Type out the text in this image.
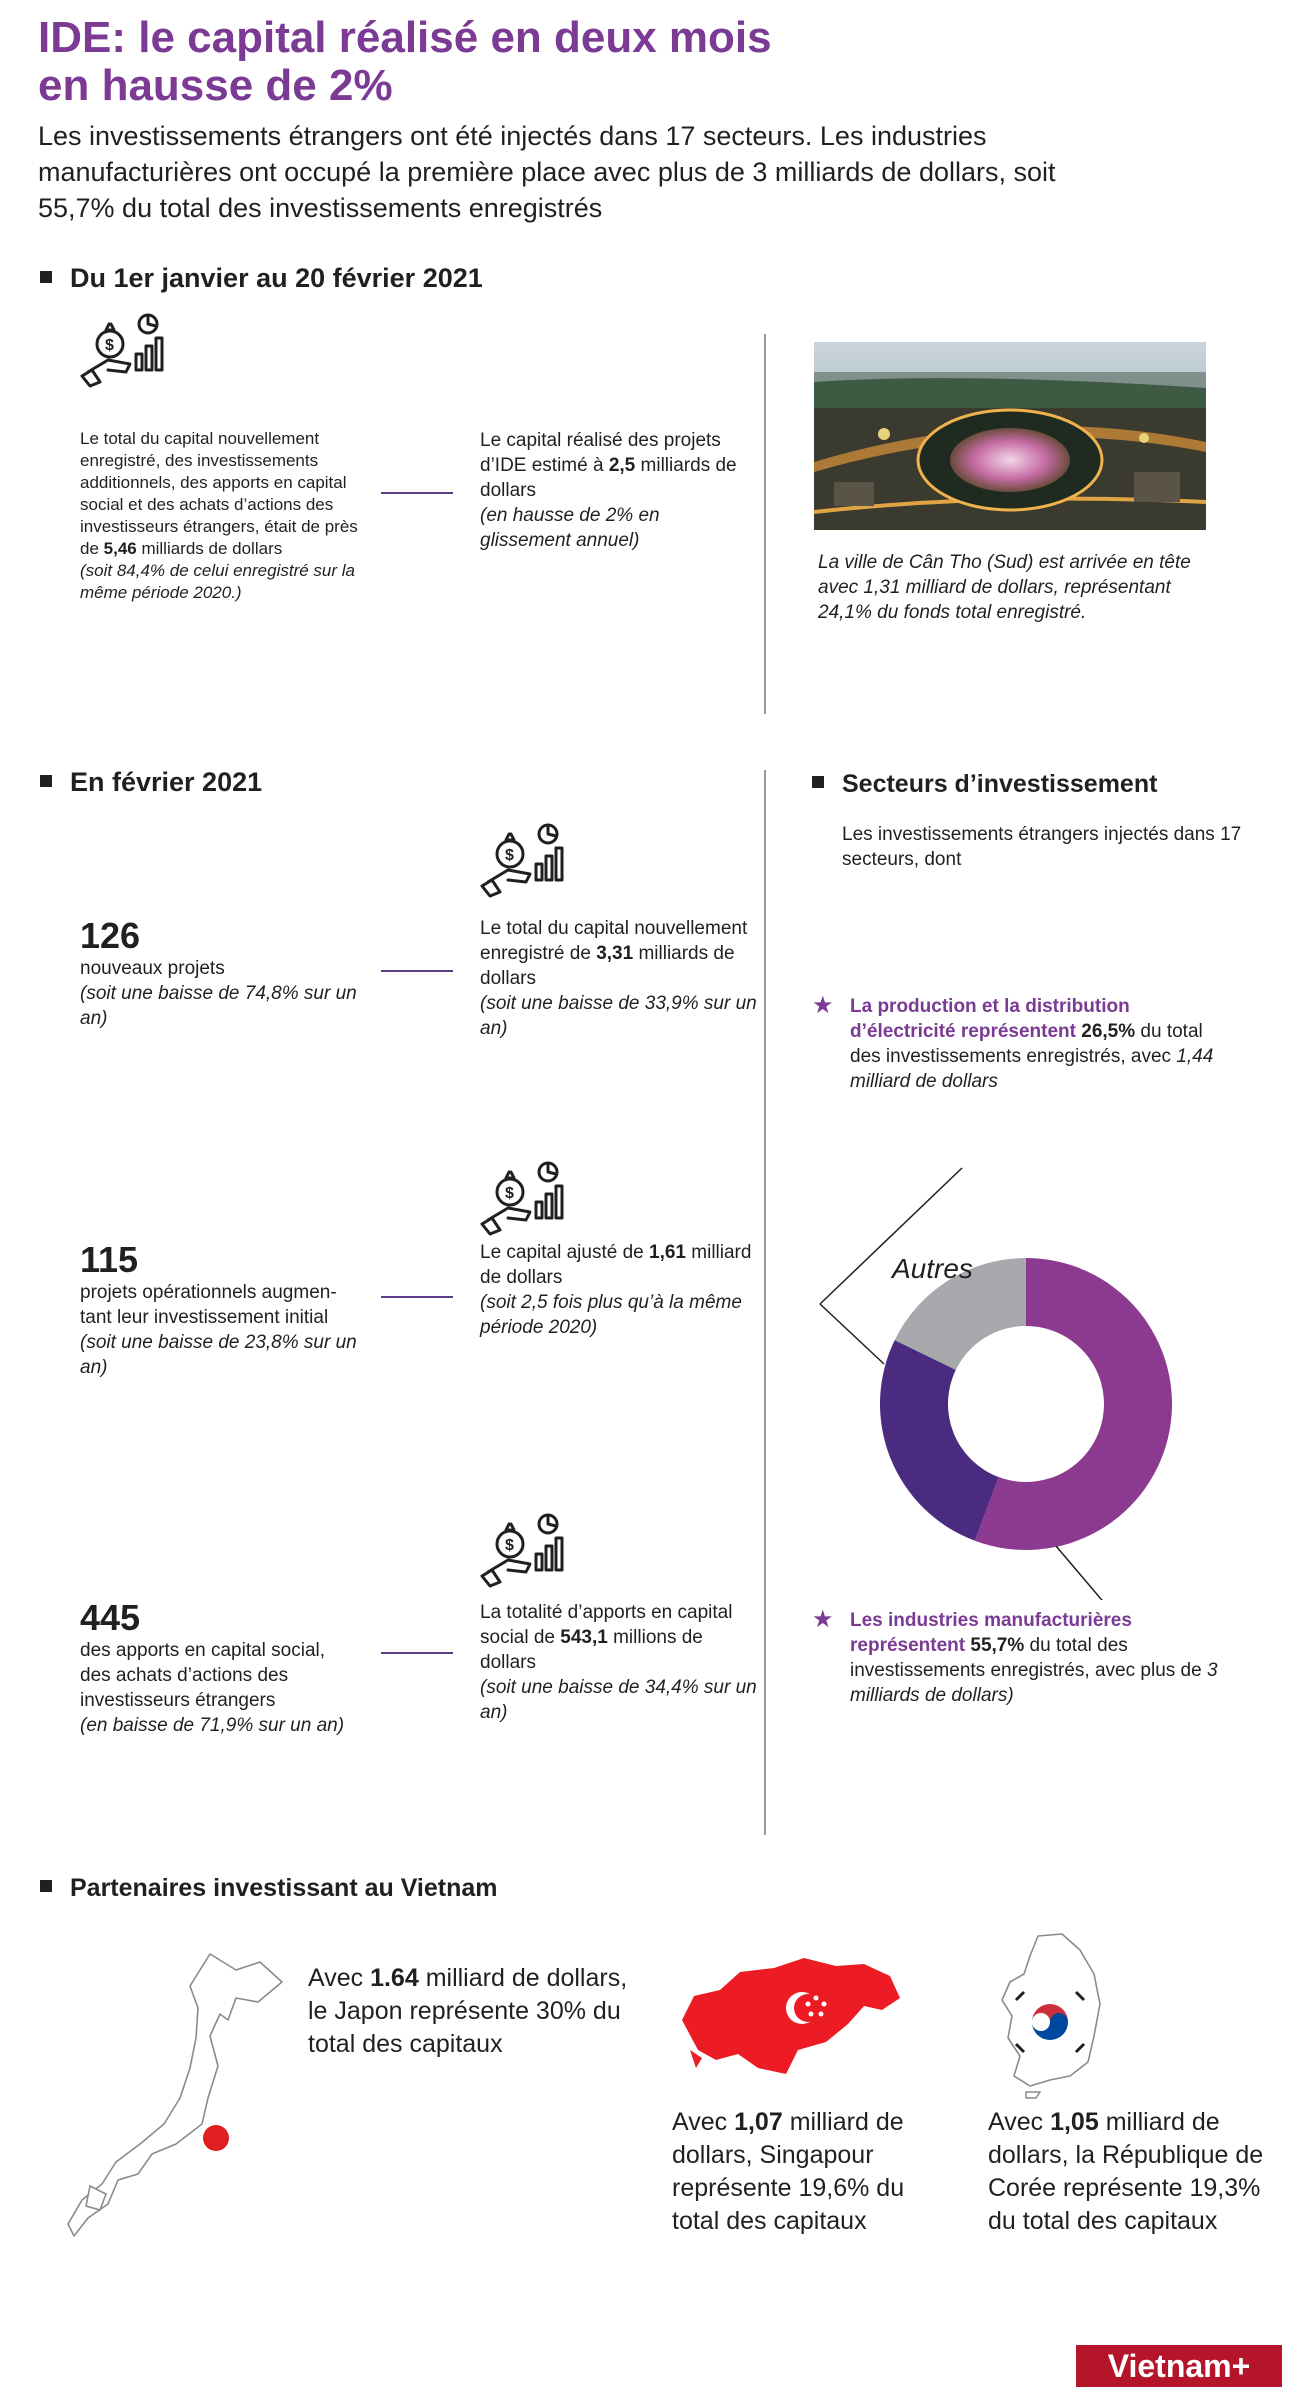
IDE: le capital réalisé en deux mois
en hausse de 2%
Les investissements étrangers ont été injectés dans 17 secteurs. Les industries manufacturières ont occupé la première place avec plus de 3 milliards de dollars, soit 55,7% du total des investissements enregistrés
Du 1er janvier au 20 février 2021
$
Le total du capital nouvellement enregistré, des investissements additionnels, des apports en capital social et des achats d’actions des investisseurs étrangers, était de près de 5,46 milliards de dollars
(soit 84,4% de celui enregistré sur la même période 2020.)
Le capital réalisé des projets d’IDE estimé à 2,5 milliards de dollars
(en hausse de 2% en glissement annuel)
La ville de Cân Tho (Sud) est arrivée en tête avec 1,31 milliard de dollars, représentant 24,1% du fonds total enregistré.
En février 2021
$
126
nouveaux projets
(soit une baisse de 74,8% sur un an)
Le total du capital nouvellement enregistré de 3,31 milliards de dollars
(soit une baisse de 33,9% sur un an)
$
115
projets opérationnels augmen- tant leur investissement initial
(soit une baisse de 23,8% sur un an)
Le capital ajusté de 1,61 milliard de dollars
(soit 2,5 fois plus qu’à la même période 2020)
$
445
des apports en capital social, des achats d’actions des investisseurs étrangers
(en baisse de 71,9% sur un an)
La totalité d’apports en capital social de 543,1 millions de dollars
(soit une baisse de 34,4% sur un an)
Secteurs d’investissement
Les investissements étrangers injectés dans 17 secteurs, dont
★ La production et la distribution d’électricité représentent 26,5% du total des investissements enregistrés, avec 1,44 milliard de dollars
Autres
★ Les industries manufacturières représentent 55,7% du total des investissements enregistrés, avec plus de 3 milliards de dollars)
Partenaires investissant au Vietnam
Avec 1.64 milliard de dollars, le Japon représente 30% du total des capitaux
Avec 1,07 milliard de dollars, Singapour représente 19,6% du total des capitaux
Avec 1,05 milliard de dollars, la République de Corée représente 19,3% du total des capitaux
Vietnam+
